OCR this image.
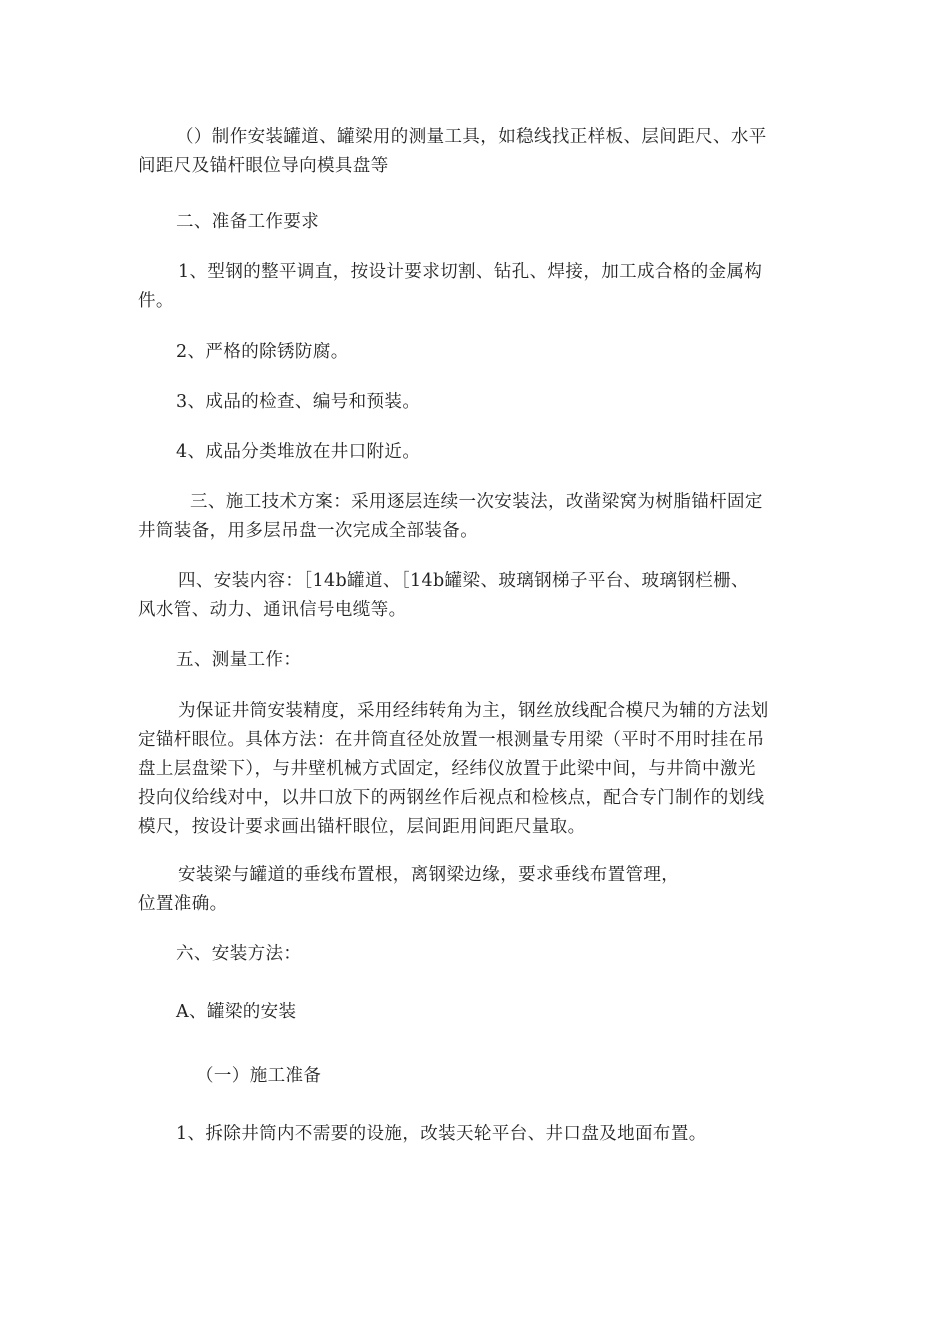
（）制作安装罐道、罐梁用的测量工具，如稳线找正样板、层间距尺、水平
间距尺及锚杆眼位导向模具盘等
二、准备工作要求
1、型钢的整平调直，按设计要求切割、钻孔、焊接，加工成合格的金属构
件。
2、严格的除锈防腐。
3、成品的检查、编号和预装。
4、成品分类堆放在井口附近。
三、施工技术方案：采用逐层连续一次安装法，改凿梁窝为树脂锚杆固定
井筒装备，用多层吊盘一次完成全部装备。
四、安装内容：［14b罐道、［14b罐梁、玻璃钢梯子平台、玻璃钢栏栅、
风水管、动力、通讯信号电缆等。
五、测量工作：
为保证井筒安装精度，采用经纬转角为主，钢丝放线配合模尺为辅的方法划
定锚杆眼位。具体方法：在井筒直径处放置一根测量专用梁（平时不用时挂在吊
盘上层盘梁下），与井壁机械方式固定，经纬仪放置于此梁中间，与井筒中激光
投向仪给线对中，以井口放下的两钢丝作后视点和检核点，配合专门制作的划线
模尺，按设计要求画出锚杆眼位，层间距用间距尺量取。
安装梁与罐道的垂线布置根，离钢梁边缘，要求垂线布置管理，
位置准确。
六、安装方法：
A、罐梁的安装
（一）施工准备
1、拆除井筒内不需要的设施，改装天轮平台、井口盘及地面布置。
